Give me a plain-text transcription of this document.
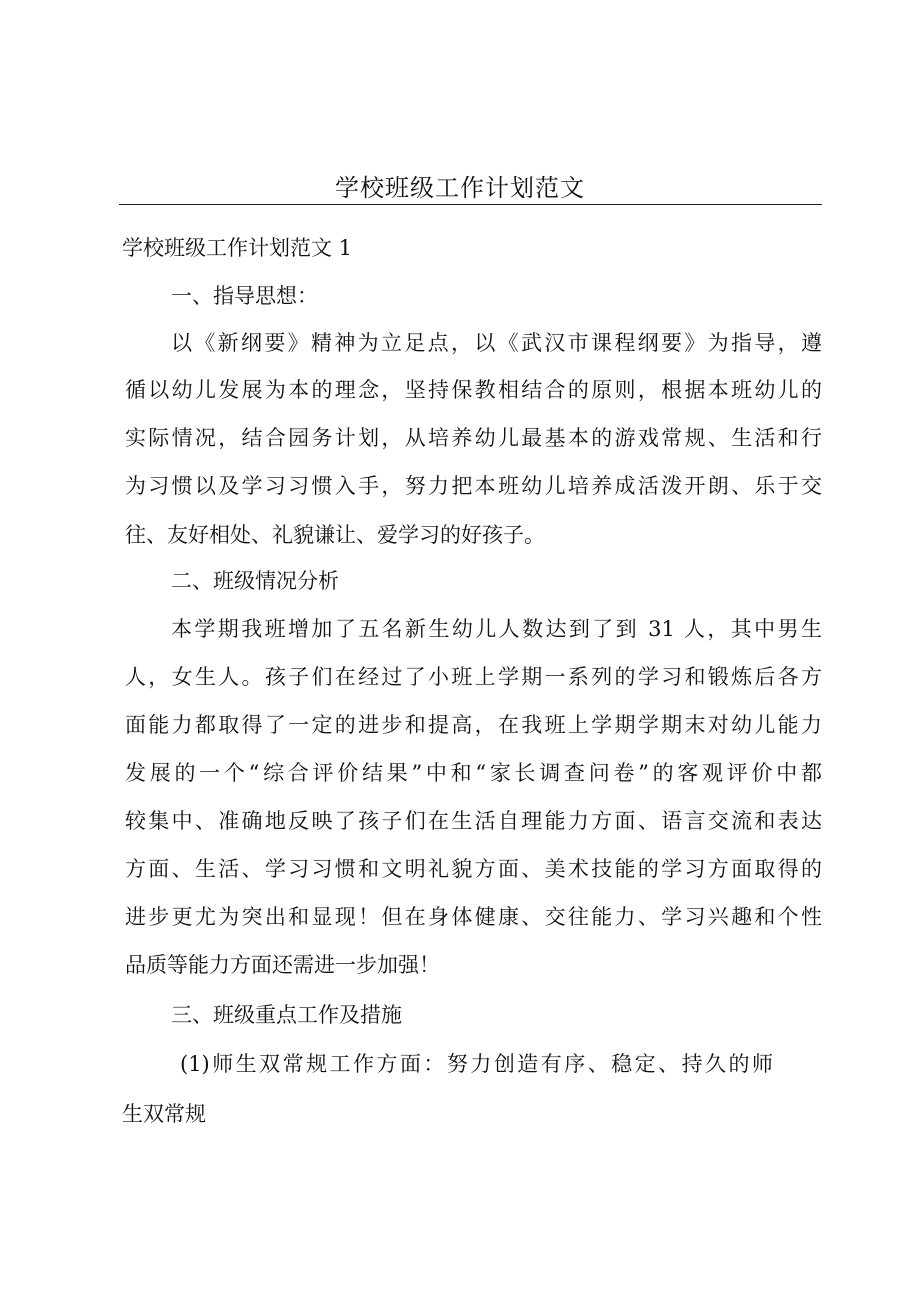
学校班级工作计划范文
学校班级工作计划范文 1
一、指导思想：
以《新纲要》精神为立足点，以《武汉市课程纲要》为指导，遵
循以幼儿发展为本的理念，坚持保教相结合的原则，根据本班幼儿的
实际情况，结合园务计划，从培养幼儿最基本的游戏常规、生活和行
为习惯以及学习习惯入手，努力把本班幼儿培养成活泼开朗、乐于交
往、友好相处、礼貌谦让、爱学习的好孩子。
二、班级情况分析
本学期我班增加了五名新生幼儿人数达到了到 31 人，其中男生
人，女生人。孩子们在经过了小班上学期一系列的学习和锻炼后各方
面能力都取得了一定的进步和提高，在我班上学期学期末对幼儿能力
发展的一个“综合评价结果”中和“家长调查问卷”的客观评价中都
较集中、准确地反映了孩子们在生活自理能力方面、语言交流和表达
方面、生活、学习习惯和文明礼貌方面、美术技能的学习方面取得的
进步更尤为突出和显现！但在身体健康、交往能力、学习兴趣和个性
品质等能力方面还需进一步加强！
三、班级重点工作及措施
(1)师生双常规工作方面：努力创造有序、稳定、持久的师
生双常规
